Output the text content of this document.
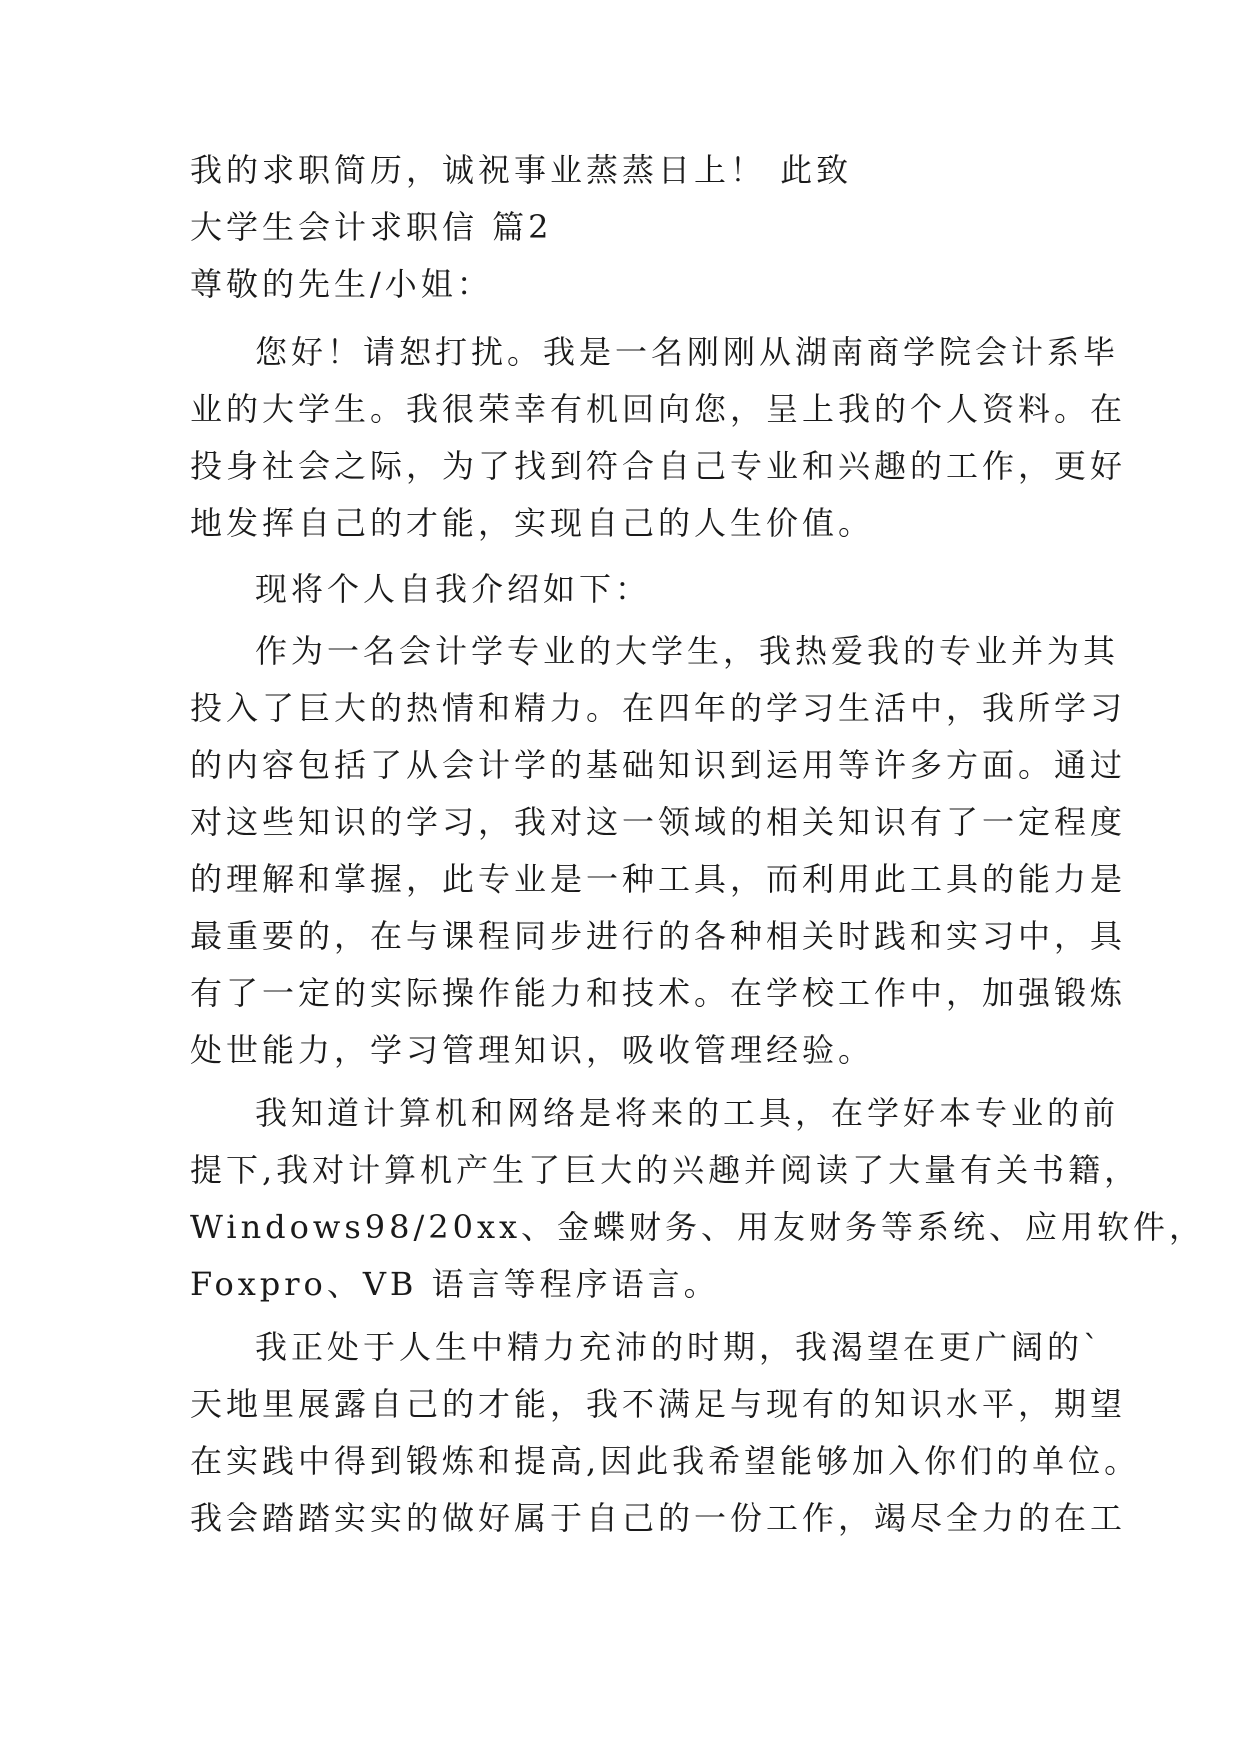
我的求职简历，诚祝事业蒸蒸日上！ 此致

大学生会计求职信 篇2

尊敬的先生/小姐：

您好！请恕打扰。我是一名刚刚从湖南商学院会计系毕

业的大学生。我很荣幸有机回向您，呈上我的个人资料。在

投身社会之际，为了找到符合自己专业和兴趣的工作，更好

地发挥自己的才能，实现自己的人生价值。

现将个人自我介绍如下：

作为一名会计学专业的大学生，我热爱我的专业并为其

投入了巨大的热情和精力。在四年的学习生活中，我所学习

的内容包括了从会计学的基础知识到运用等许多方面。通过

对这些知识的学习，我对这一领域的相关知识有了一定程度

的理解和掌握，此专业是一种工具，而利用此工具的能力是

最重要的，在与课程同步进行的各种相关时践和实习中，具

有了一定的实际操作能力和技术。在学校工作中，加强锻炼

处世能力，学习管理知识，吸收管理经验。

我知道计算机和网络是将来的工具，在学好本专业的前

提下,我对计算机产生了巨大的兴趣并阅读了大量有关书籍，

Windows98/20xx、金蝶财务、用友财务等系统、应用软件，

Foxpro、VB 语言等程序语言。

我正处于人生中精力充沛的时期，我渴望在更广阔的`

天地里展露自己的才能，我不满足与现有的知识水平，期望

在实践中得到锻炼和提高,因此我希望能够加入你们的单位。

我会踏踏实实的做好属于自己的一份工作，竭尽全力的在工
